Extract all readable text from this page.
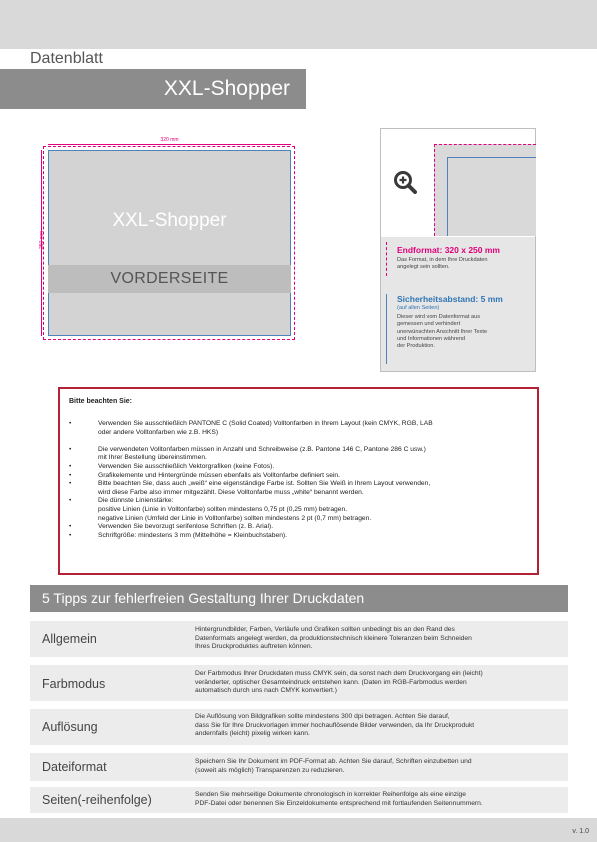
Datenblatt
XXL-Shopper
XXL-Shopper
VORDERSEITE
320 mm
250 mm
Endformat: 320 x 250 mm
Das Format, in dem Ihre Druckdaten
angelegt sein sollten.
Sicherheitsabstand: 5 mm
(auf allen Seiten)
Dieser wird vom Datenformat aus
gemessen und verhindert
unerwünschten Anschnitt Ihrer Texte
und Informationen während
der Produktion.
Bitte beachten Sie:
• Verwenden Sie ausschließlich PANTONE C (Solid Coated) Volltonfarben in Ihrem Layout (kein CMYK, RGB, LAB
oder andere Volltonfarben wie z.B. HKS)
• Die verwendeten Volltonfarben müssen in Anzahl und Schreibweise (z.B. Pantone 146 C, Pantone 286 C usw.)
mit Ihrer Bestellung übereinstimmen.
• Verwenden Sie ausschließlich Vektorgrafiken (keine Fotos).
• Grafikelemente und Hintergründe müssen ebenfalls als Volltonfarbe definiert sein.
• Bitte beachten Sie, dass auch „weiß“ eine eigenständige Farbe ist. Sollten Sie Weiß in Ihrem Layout verwenden,
wird diese Farbe also immer mitgezählt. Diese Volltonfarbe muss „white“ benannt werden.
• Die dünnste Linienstärke:
positive Linien (Linie in Volltonfarbe) sollten mindestens 0,75 pt (0,25 mm) betragen.
negative Linien (Umfeld der Linie in Volltonfarbe) sollten mindestens 2 pt (0,7 mm) betragen.
• Verwenden Sie bevorzugt serifenlose Schriften (z. B. Arial).
• Schriftgröße: mindestens 3 mm (Mittelhöhe = Kleinbuchstaben).
5 Tipps zur fehlerfreien Gestaltung Ihrer Druckdaten
Allgemein
Hintergrundbilder, Farben, Verläufe und Grafiken sollten unbedingt bis an den Rand des
Datenformats angelegt werden, da produktionstechnisch kleinere Toleranzen beim Schneiden
Ihres Druckproduktes auftreten können.
Farbmodus
Der Farbmodus Ihrer Druckdaten muss CMYK sein, da sonst nach dem Druckvorgang ein (leicht)
veränderter, optischer Gesamteindruck entstehen kann. (Daten im RGB-Farbmodus werden
automatisch durch uns nach CMYK konvertiert.)
Auflösung
Die Auflösung von Bildgrafiken sollte mindestens 300 dpi betragen. Achten Sie darauf,
dass Sie für Ihre Druckvorlagen immer hochauflösende Bilder verwenden, da Ihr Druckprodukt
andernfalls (leicht) pixelig wirken kann.
Dateiformat	Speichern Sie Ihr Dokument im PDF-Format ab. Achten Sie darauf, Schriften einzubetten und
(soweit als möglich) Transparenzen zu reduzieren.
Seiten(-reihenfolge)	Senden Sie mehrseitige Dokumente chronologisch in korrekter Reihenfolge als eine einzige
PDF-Datei oder benennen Sie Einzeldokumente entsprechend mit fortlaufenden Seitennummern.
v. 1.0
